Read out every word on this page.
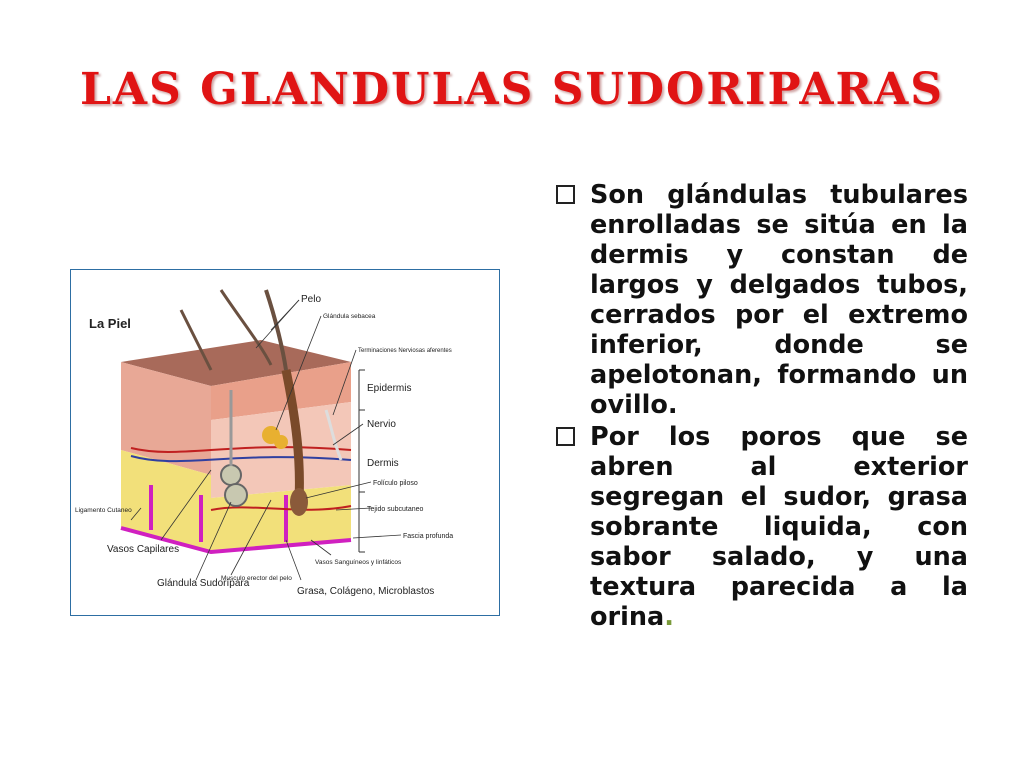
LAS GLANDULAS SUDORIPARAS
La Piel
Pelo
Glándula sebacea
Terminaciones Nerviosas aferentes
Epidermis
Nervio
Dermis
Folículo piloso
Tejido subcutaneo
Fascia profunda
Ligamento Cutaneo
Vasos Capilares
Glándula Sudorípara
Musculo erector del pelo
Vasos Sanguíneos y linfáticos
Grasa, Colágeno, Microblastos
Son glándulas tubulares enrolladas se sitúa en la dermis y constan de largos y delgados tubos, cerrados por el extremo inferior, donde se apelotonan, formando un ovillo.
Por los poros que se abren al exterior segregan el sudor, grasa sobrante liquida, con sabor salado, y una textura parecida a la orina.
